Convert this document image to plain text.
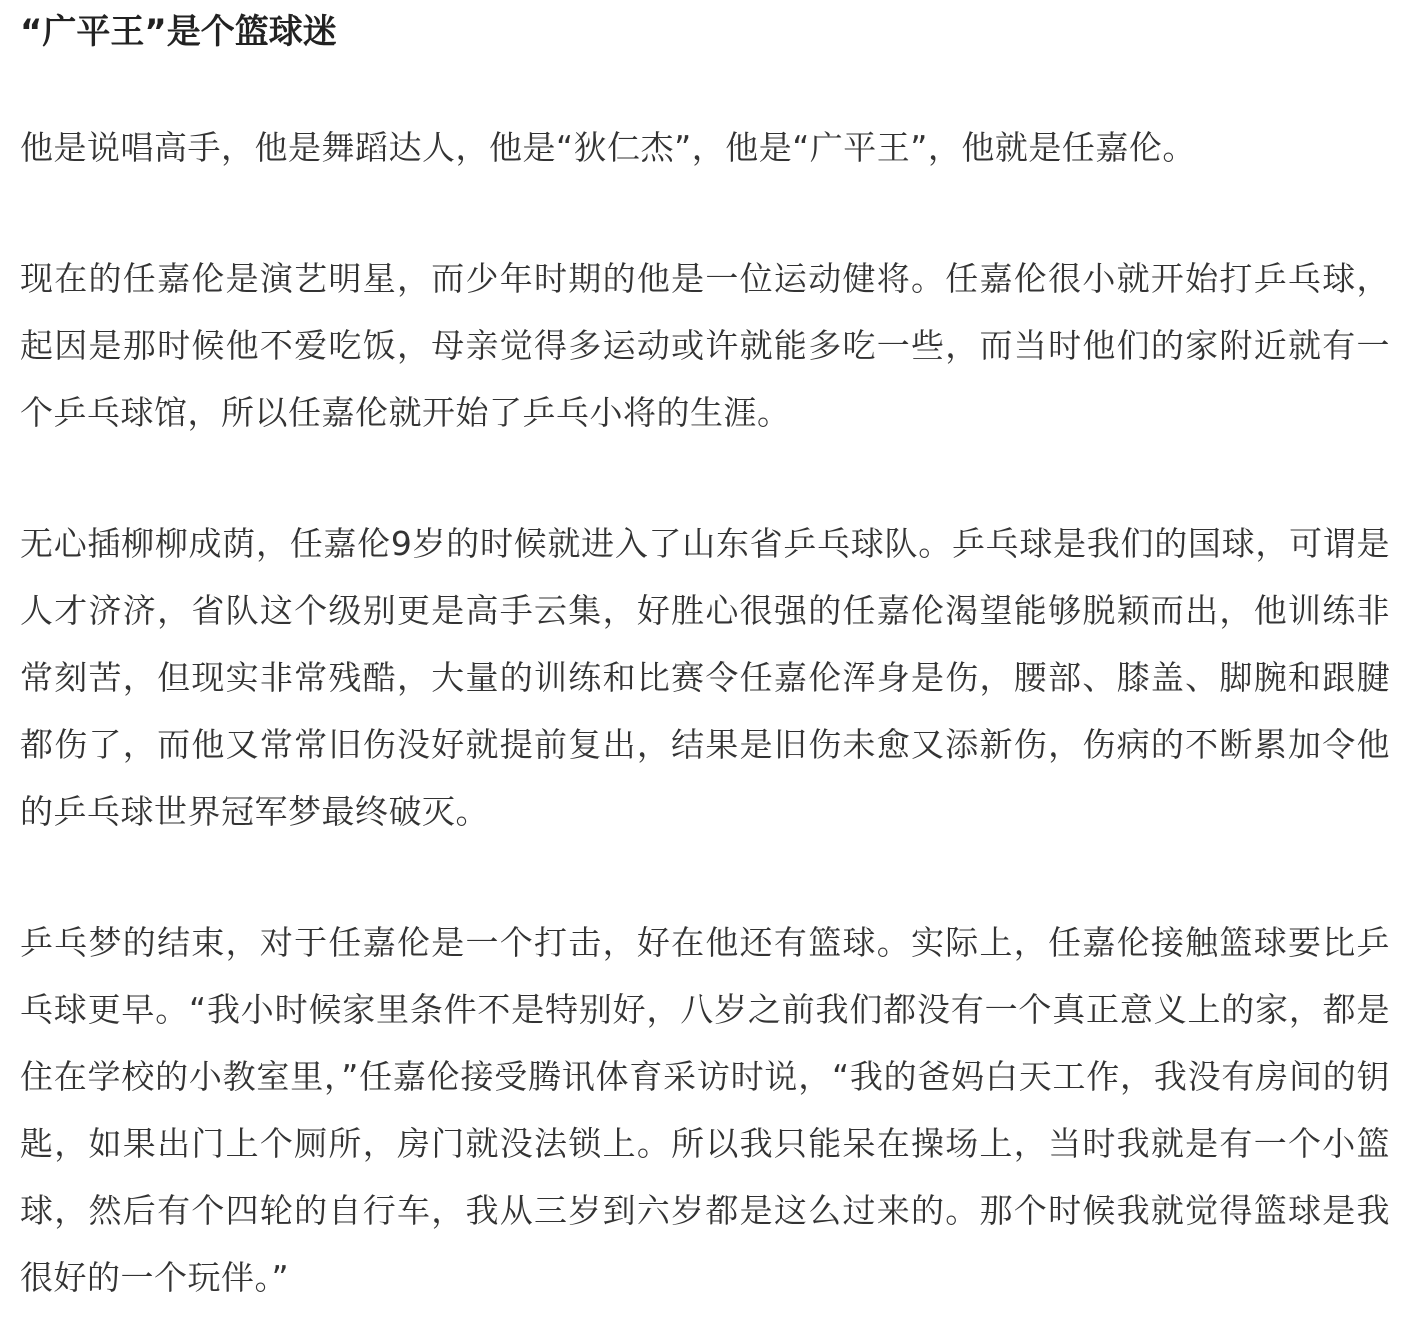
“广平王”是个篮球迷

他是说唱高手，他是舞蹈达人，他是“狄仁杰”，他是“广平王”，他就是任嘉伦。

现在的任嘉伦是演艺明星，而少年时期的他是一位运动健将。任嘉伦很小就开始打乒乓球，起因是那时候他不爱吃饭，母亲觉得多运动或许就能多吃一些，而当时他们的家附近就有一个乒乓球馆，所以任嘉伦就开始了乒乓小将的生涯。

无心插柳柳成荫，任嘉伦9岁的时候就进入了山东省乒乓球队。乒乓球是我们的国球，可谓是人才济济，省队这个级别更是高手云集，好胜心很强的任嘉伦渴望能够脱颖而出，他训练非常刻苦，但现实非常残酷，大量的训练和比赛令任嘉伦浑身是伤，腰部、膝盖、脚腕和跟腱都伤了，而他又常常旧伤没好就提前复出，结果是旧伤未愈又添新伤，伤病的不断累加令他的乒乓球世界冠军梦最终破灭。

乒乓梦的结束，对于任嘉伦是一个打击，好在他还有篮球。实际上，任嘉伦接触篮球要比乒乓球更早。“我小时候家里条件不是特别好，八岁之前我们都没有一个真正意义上的家，都是住在学校的小教室里，”任嘉伦接受腾讯体育采访时说，“我的爸妈白天工作，我没有房间的钥匙，如果出门上个厕所，房门就没法锁上。所以我只能呆在操场上，当时我就是有一个小篮球，然后有个四轮的自行车，我从三岁到六岁都是这么过来的。那个时候我就觉得篮球是我很好的一个玩伴。”
